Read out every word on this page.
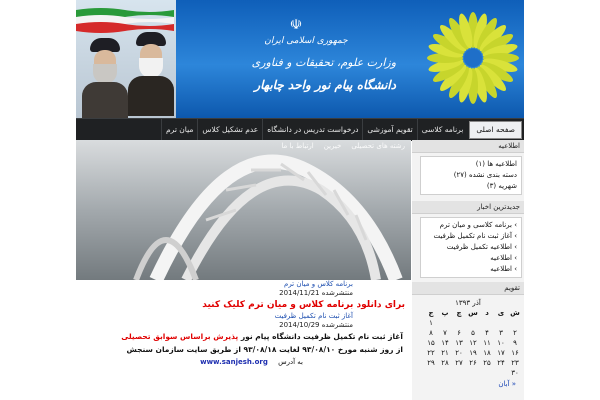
☫
جمهوری اسلامی ایران
وزارت علوم، تحقیقات و فناوری
دانشگاه پیام نور واحد چابهار
صفحه اصلی
برنامه کلاسی
تقویم آموزشی
درخواست تدریس در دانشگاه
عدم تشکیل کلاس
میان ترم
رشته های تحصیلی
خیرین
ارتباط با ما	اطلاعیه
اطلاعیه ها (۱)
دسته بندی نشده (۲۷)
شهریه (۳)
جدیدترین اخبار
› برنامه کلاسی و میان ترم
› آغاز ثبت نام تکمیل ظرفیت
› اطلاعیه تکمیل ظرفیت
› اطلاعیه
› اطلاعیه
تقویم
آذر ۱۳۹۳
ش
ی
د
س
چ
پ
ج
۱
۲
۳
۴
۵
۶
۷
۸
۹
۱۰
۱۱
۱۲
۱۳
۱۴
۱۵
۱۶
۱۷
۱۸
۱۹
۲۰
۲۱
۲۲
۲۳
۲۴
۲۵
۲۶
۲۷
۲۸
۲۹
۳۰
« آبان
برنامه کلاس و میان ترم
منتشرشده 2014/11/21
برای دانلود برنامه کلاس و میان ترم کلیک کنید
آغاز ثبت نام تکمیل ظرفیت
منتشرشده 2014/10/29
آغاز ثبت نام تکمیل ظرفیت دانشگاه پیام نور پذیرش براساس سوابق تحصیلی
از روز شنبه مورخ ۹۳/۰۸/۱۰ لغایت ۹۳/۰۸/۱۸ از طریق سایت سازمان سنجش
به آدرس www.sanjesh.org
